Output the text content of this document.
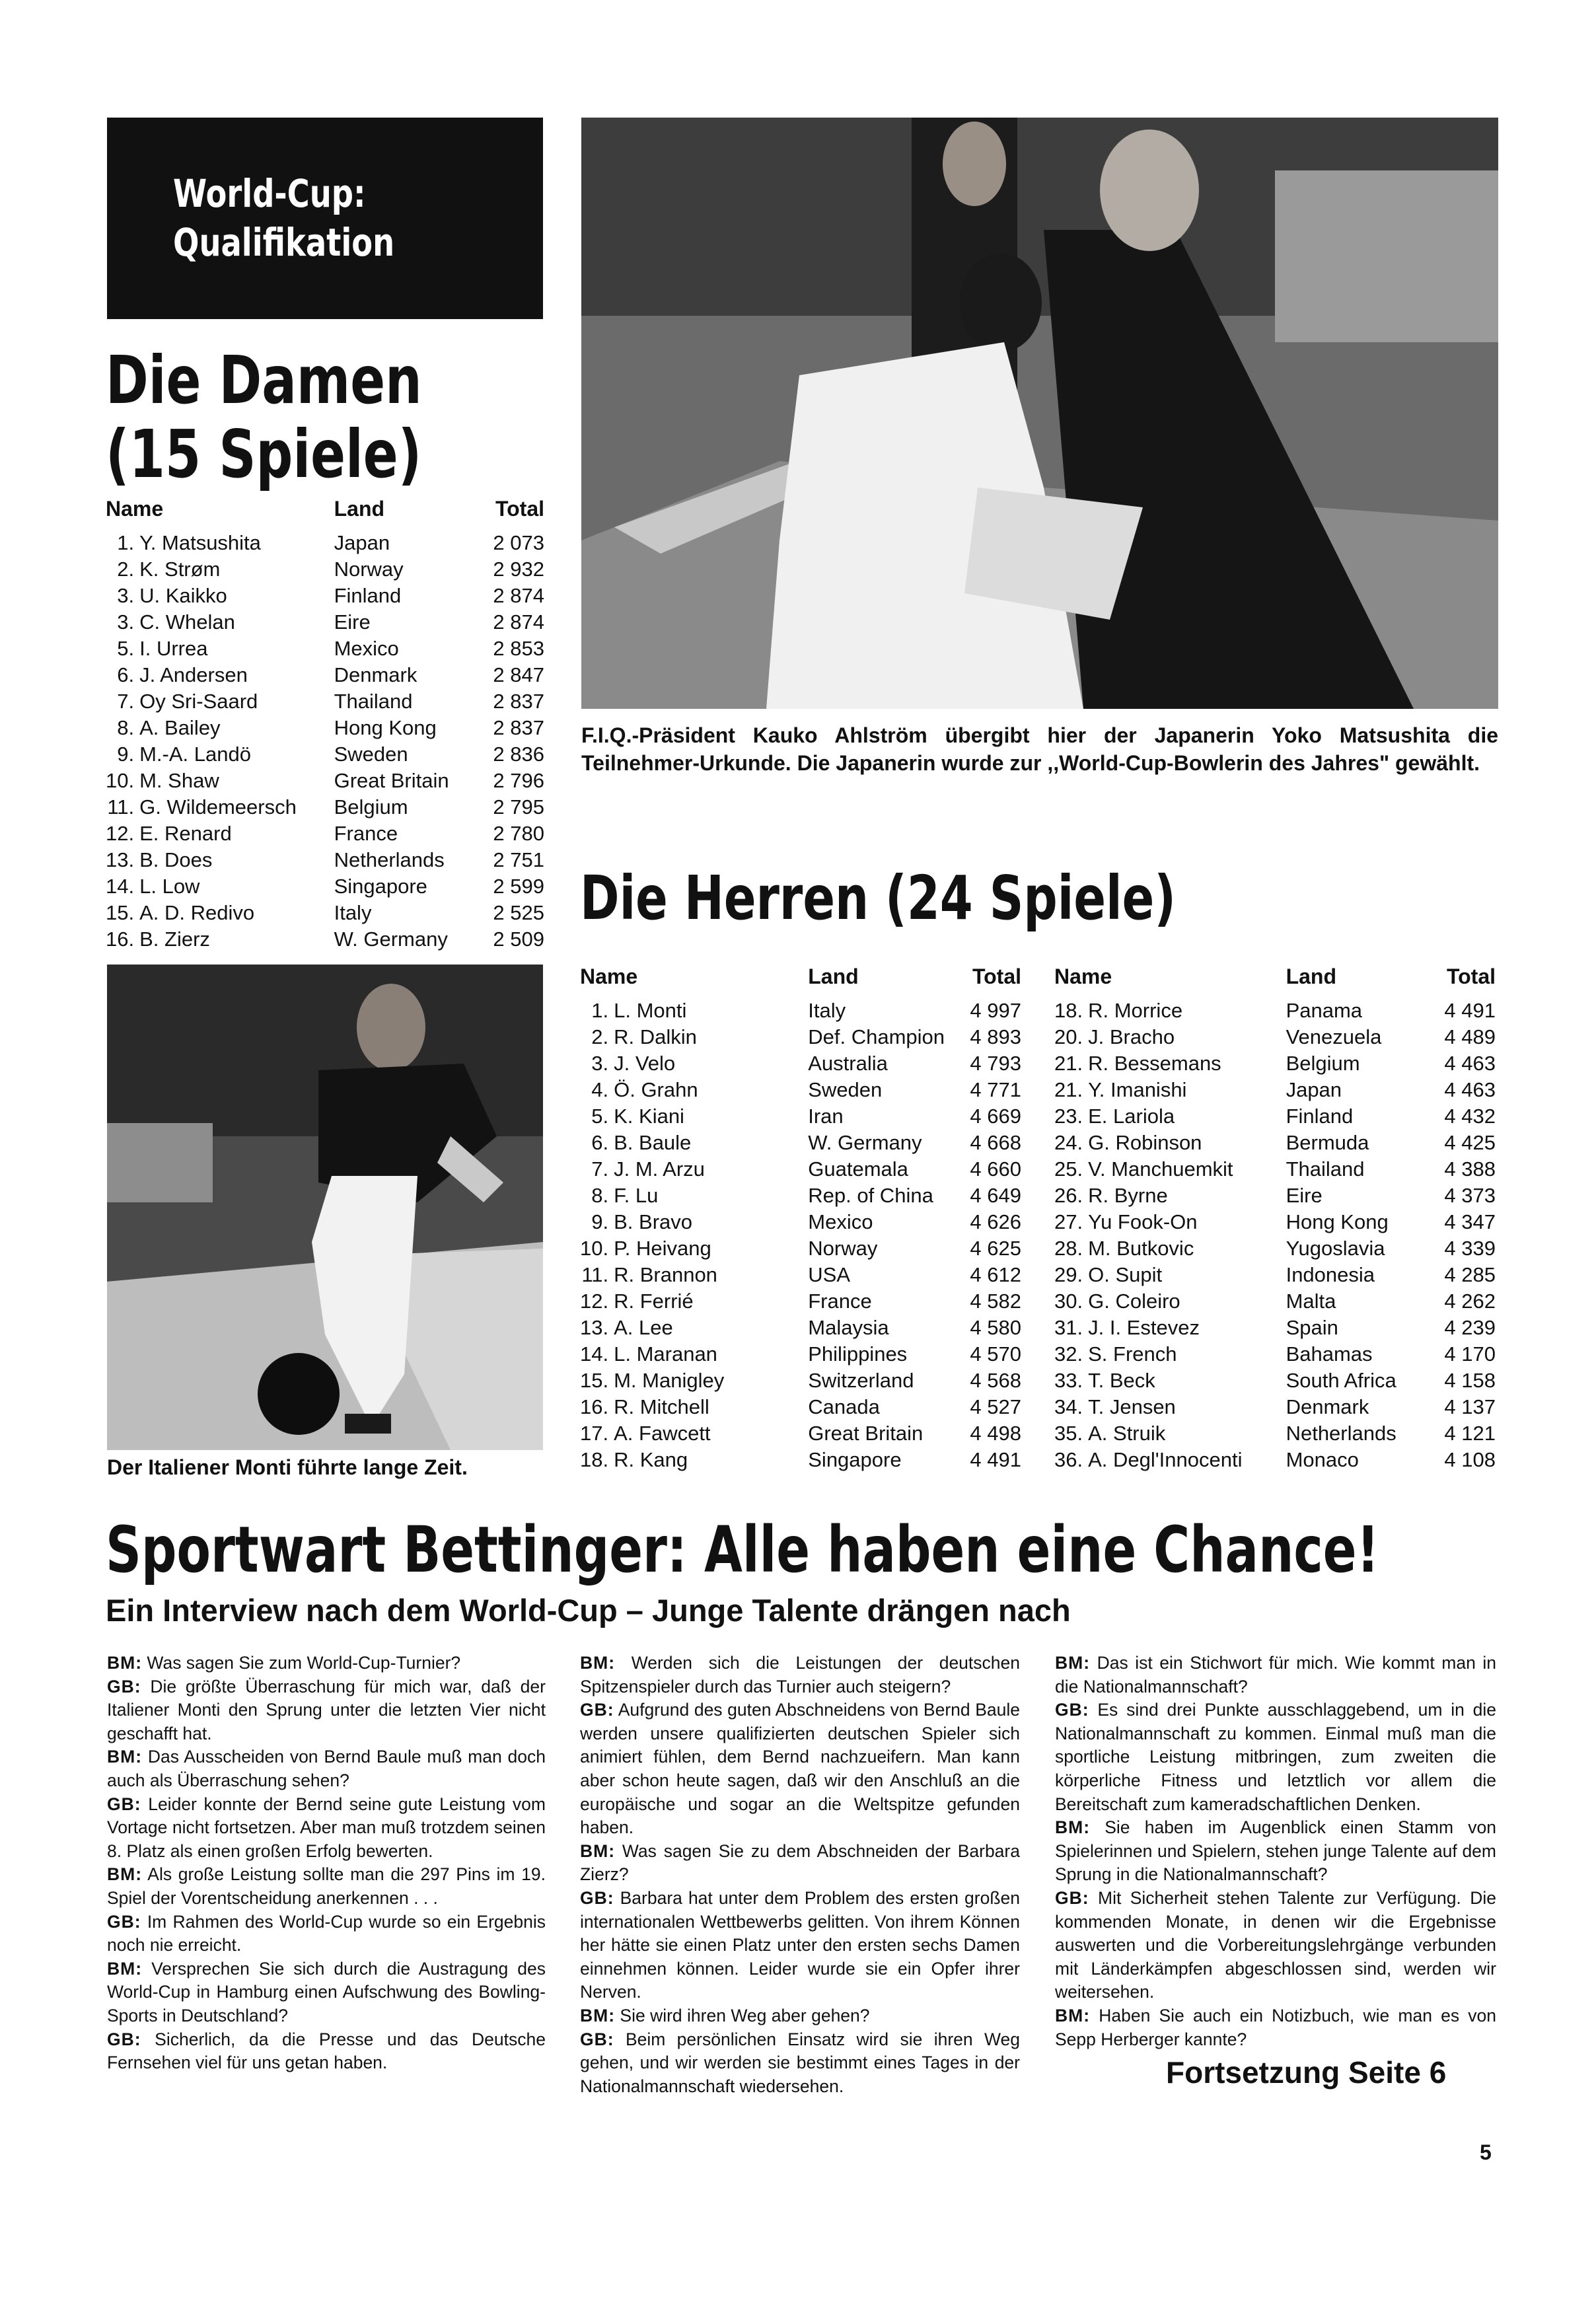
World-Cup:
Qualifikation
Die Damen
(15 Spiele)
Name		Land	Total
1.	Y. Matsushita	Japan	2 073
2.	K. Strøm	Norway	2 932
3.	U. Kaikko	Finland	2 874
3.	C. Whelan	Eire	2 874
5.	I. Urrea	Mexico	2 853
6.	J. Andersen	Denmark	2 847
7.	Oy Sri-Saard	Thailand	2 837
8.	A. Bailey	Hong Kong	2 837
9.	M.-A. Landö	Sweden	2 836
10.	M. Shaw	Great Britain	2 796
11.	G. Wildemeersch	Belgium	2 795
12.	E. Renard	France	2 780
13.	B. Does	Netherlands	2 751
14.	L. Low	Singapore	2 599
15.	A. D. Redivo	Italy	2 525
16.	B. Zierz	W. Germany	2 509
F.I.Q.-Präsident Kauko Ahlström übergibt hier der Japanerin Yoko Matsushita die Teilnehmer-Urkunde. Die Japanerin wurde zur ,,World-Cup-Bowlerin des Jahres" gewählt.
Die Herren (24 Spiele)
Name		Land	Total
1.	L. Monti	Italy	4 997
2.	R. Dalkin	Def. Champion	4 893
3.	J. Velo	Australia	4 793
4.	Ö. Grahn	Sweden	4 771
5.	K. Kiani	Iran	4 669
6.	B. Baule	W. Germany	4 668
7.	J. M. Arzu	Guatemala	4 660
8.	F. Lu	Rep. of China	4 649
9.	B. Bravo	Mexico	4 626
10.	P. Heivang	Norway	4 625
11.	R. Brannon	USA	4 612
12.	R. Ferrié	France	4 582
13.	A. Lee	Malaysia	4 580
14.	L. Maranan	Philippines	4 570
15.	M. Manigley	Switzerland	4 568
16.	R. Mitchell	Canada	4 527
17.	A. Fawcett	Great Britain	4 498
18.	R. Kang	Singapore	4 491
Name		Land	Total
18.	R. Morrice	Panama	4 491
20.	J. Bracho	Venezuela	4 489
21.	R. Bessemans	Belgium	4 463
21.	Y. Imanishi	Japan	4 463
23.	E. Lariola	Finland	4 432
24.	G. Robinson	Bermuda	4 425
25.	V. Manchuemkit	Thailand	4 388
26.	R. Byrne	Eire	4 373
27.	Yu Fook-On	Hong Kong	4 347
28.	M. Butkovic	Yugoslavia	4 339
29.	O. Supit	Indonesia	4 285
30.	G. Coleiro	Malta	4 262
31.	J. I. Estevez	Spain	4 239
32.	S. French	Bahamas	4 170
33.	T. Beck	South Africa	4 158
34.	T. Jensen	Denmark	4 137
35.	A. Struik	Netherlands	4 121
36.	A. Degl'Innocenti	Monaco	4 108
Der Italiener Monti führte lange Zeit.
Sportwart Bettinger: Alle haben eine Chance!
Ein Interview nach dem World-Cup – Junge Talente drängen nach

BM: Was sagen Sie zum World-Cup-Turnier?

GB: Die größte Überraschung für mich war, daß der Italiener Monti den Sprung unter die letzten Vier nicht geschafft hat.

BM: Das Ausscheiden von Bernd Baule muß man doch auch als Überraschung sehen?

GB: Leider konnte der Bernd seine gute Leistung vom Vortage nicht fortsetzen. Aber man muß trotzdem seinen 8. Platz als einen großen Erfolg bewerten.

BM: Als große Leistung sollte man die 297 Pins im 19. Spiel der Vorentscheidung anerkennen . . .

GB: Im Rahmen des World-Cup wurde so ein Ergebnis noch nie erreicht.

BM: Versprechen Sie sich durch die Austragung des World-Cup in Hamburg einen Aufschwung des Bowling-Sports in Deutschland?

GB: Sicherlich, da die Presse und das Deutsche Fernsehen viel für uns getan haben.

BM: Werden sich die Leistungen der deutschen Spitzenspieler durch das Turnier auch steigern?

GB: Aufgrund des guten Abschneidens von Bernd Baule werden unsere qualifizierten deutschen Spieler sich animiert fühlen, dem Bernd nachzueifern. Man kann aber schon heute sagen, daß wir den Anschluß an die europäische und sogar an die Weltspitze gefunden haben.

BM: Was sagen Sie zu dem Abschneiden der Barbara Zierz?

GB: Barbara hat unter dem Problem des ersten großen internationalen Wettbewerbs gelitten. Von ihrem Können her hätte sie einen Platz unter den ersten sechs Damen einnehmen können. Leider wurde sie ein Opfer ihrer Nerven.

BM: Sie wird ihren Weg aber gehen?

GB: Beim persönlichen Einsatz wird sie ihren Weg gehen, und wir werden sie bestimmt eines Tages in der Nationalmannschaft wiedersehen.

BM: Das ist ein Stichwort für mich. Wie kommt man in die Nationalmannschaft?

GB: Es sind drei Punkte ausschlaggebend, um in die Nationalmannschaft zu kommen. Einmal muß man die sportliche Leistung mitbringen, zum zweiten die körperliche Fitness und letztlich vor allem die Bereitschaft zum kameradschaftlichen Denken.

BM: Sie haben im Augenblick einen Stamm von Spielerinnen und Spielern, stehen junge Talente auf dem Sprung in die Nationalmannschaft?

GB: Mit Sicherheit stehen Talente zur Verfügung. Die kommenden Monate, in denen wir die Ergebnisse auswerten und die Vorbereitungslehrgänge verbunden mit Länderkämpfen abgeschlossen sind, werden wir weitersehen.

BM: Haben Sie auch ein Notizbuch, wie man es von Sepp Herberger kannte?

Fortsetzung Seite 6
5
